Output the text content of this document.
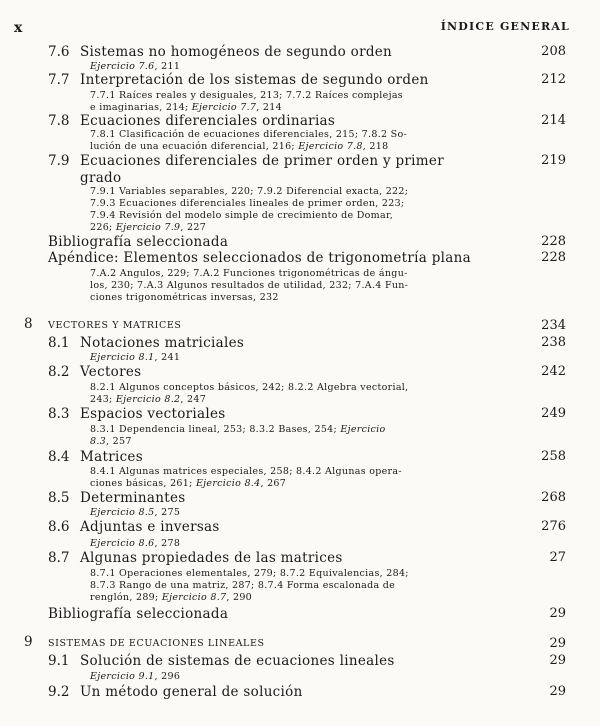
x	ÍNDICE GENERAL
7.6 Sistemas no homogéneos de segundo orden	208
Ejercicio 7.6, 211
7.7 Interpretación de los sistemas de segundo orden	212
7.7.1 Raíces reales y desiguales, 213; 7.7.2 Raíces complejas
e imaginarias, 214; Ejercicio 7.7, 214
7.8 Ecuaciones diferenciales ordinarias	214
7.8.1 Clasificación de ecuaciones diferenciales, 215; 7.8.2 So-
lución de una ecuación diferencial, 216; Ejercicio 7.8, 218
7.9 Ecuaciones diferenciales de primer orden y primer	219
grado
7.9.1 Variables separables, 220; 7.9.2 Diferencial exacta, 222;
7.9.3 Ecuaciones diferenciales lineales de primer orden, 223;
7.9.4 Revisión del modelo simple de crecimiento de Domar,
226; Ejercicio 7.9, 227
Bibliografía seleccionada	228
Apéndice: Elementos seleccionados de trigonometría plana	228
7.A.2 Angulos, 229; 7.A.2 Funciones trigonométricas de ángu-
los, 230; 7.A.3 Algunos resultados de utilidad, 232; 7.A.4 Fun-
ciones trigonométricas inversas, 232
8 VECTORES Y MATRICES	234
8.1 Notaciones matriciales	238
Ejercicio 8.1, 241
8.2 Vectores	242
8.2.1 Algunos conceptos básicos, 242; 8.2.2 Algebra vectorial,
243; Ejercicio 8.2, 247
8.3 Espacios vectoriales	249
8.3.1 Dependencia lineal, 253; 8.3.2 Bases, 254; Ejercicio
8.3, 257
8.4 Matrices	258
8.4.1 Algunas matrices especiales, 258; 8.4.2 Algunas opera-
ciones básicas, 261; Ejercicio 8.4, 267
8.5 Determinantes	268
Ejercicio 8.5, 275
8.6 Adjuntas e inversas	276
Ejercicio 8.6, 278
8.7 Algunas propiedades de las matrices	27
8.7.1 Operaciones elementales, 279; 8.7.2 Equivalencias, 284;
8.7.3 Rango de una matriz, 287; 8.7.4 Forma escalonada de
renglón, 289; Ejercicio 8.7, 290
Bibliografía seleccionada	29
9 SISTEMAS DE ECUACIONES LINEALES	29
9.1 Solución de sistemas de ecuaciones lineales	29
Ejercicio 9.1, 296
9.2 Un método general de solución	29
